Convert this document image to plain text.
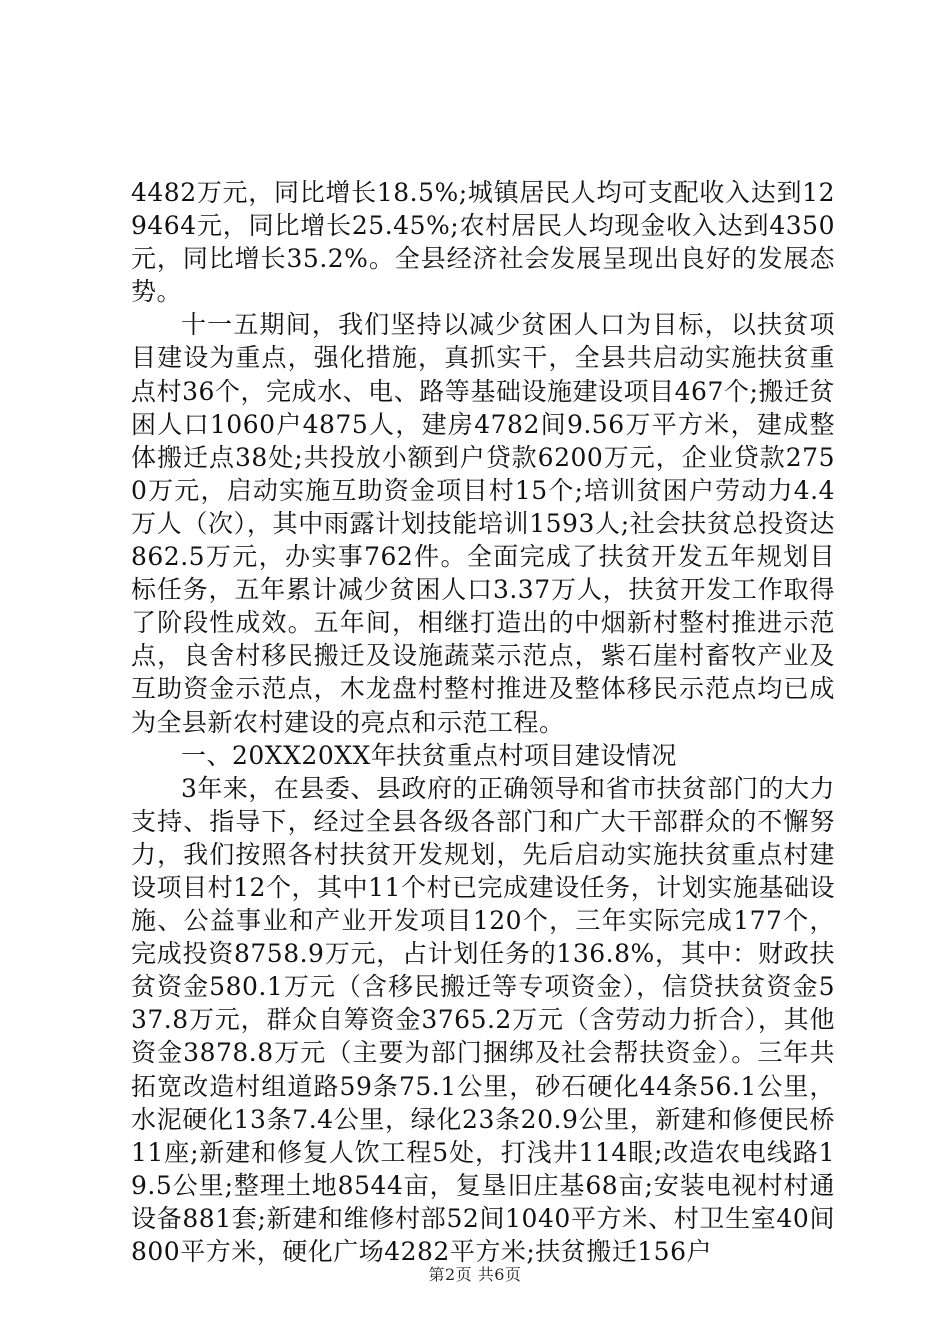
4482万元，同比增长18.5%;城镇居民人均可支配收入达到129464元，同比增长25.45%;农村居民人均现金收入达到4350元，同比增长35.2%。全县经济社会发展呈现出良好的发展态势。

十一五期间，我们坚持以减少贫困人口为目标，以扶贫项目建设为重点，强化措施，真抓实干，全县共启动实施扶贫重点村36个，完成水、电、路等基础设施建设项目467个;搬迁贫困人口1060户4875人，建房4782间9.56万平方米，建成整体搬迁点38处;共投放小额到户贷款6200万元，企业贷款2750万元，启动实施互助资金项目村15个;培训贫困户劳动力4.4万人（次），其中雨露计划技能培训1593人;社会扶贫总投资达862.5万元，办实事762件。全面完成了扶贫开发五年规划目标任务，五年累计减少贫困人口3.37万人，扶贫开发工作取得了阶段性成效。五年间，相继打造出的中烟新村整村推进示范点，良舍村移民搬迁及设施蔬菜示范点，紫石崖村畜牧产业及互助资金示范点，木龙盘村整村推进及整体移民示范点均已成为全县新农村建设的亮点和示范工程。

一、20XX20XX年扶贫重点村项目建设情况

3年来，在县委、县政府的正确领导和省市扶贫部门的大力支持、指导下，经过全县各级各部门和广大干部群众的不懈努力，我们按照各村扶贫开发规划，先后启动实施扶贫重点村建设项目村12个，其中11个村已完成建设任务，计划实施基础设施、公益事业和产业开发项目120个，三年实际完成177个，完成投资8758.9万元，占计划任务的136.8%，其中：财政扶贫资金580.1万元（含移民搬迁等专项资金），信贷扶贫资金537.8万元，群众自筹资金3765.2万元（含劳动力折合），其他资金3878.8万元（主要为部门捆绑及社会帮扶资金）。三年共拓宽改造村组道路59条75.1公里，砂石硬化44条56.1公里，水泥硬化13条7.4公里，绿化23条20.9公里，新建和修便民桥11座;新建和修复人饮工程5处，打浅井114眼;改造农电线路19.5公里;整理土地8544亩，复垦旧庄基68亩;安装电视村村通设备881套;新建和维修村部52间1040平方米、村卫生室40间800平方米，硬化广场4282平方米;扶贫搬迁156户

第2页 共6页
